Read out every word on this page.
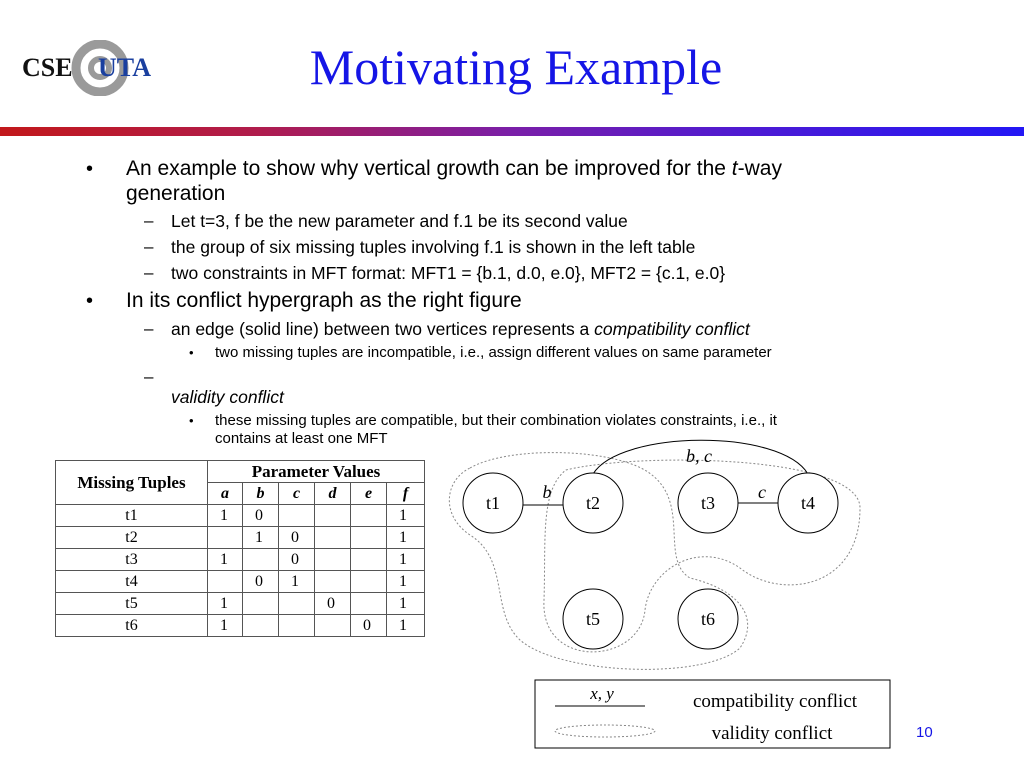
CSE UTA	Motivating Example
• An example to show why vertical growth can be improved for the t-way
generation
– Let t=3, f be the new parameter and f.1 be its second value
– the group of six missing tuples involving f.1 is shown in the left table
– two constraints in MFT format: MFT1 = {b.1, d.0, e.0}, MFT2 = {c.1, e.0}
• In its conflict hypergraph as the right figure
– an edge (solid line) between two vertices represents a compatibility conflict
• two missing tuples are incompatible, i.e., assign different values on same parameter
–
validity conflict
• these missing tuples are compatible, but their combination violates constraints, i.e., it
contains at least one MFT
Missing Tuples	Parameter Values					
	a	b	c	d	e	f
t1	1	0				1
t2		1	0			1
t3	1		0			1
t4		0	1			1
t5	1			0		1
t6	1				0	1
b	c
b, c
t1	t2	t3	t4
t5	t6
x, y	compatibility conflict
validity conflict	10
